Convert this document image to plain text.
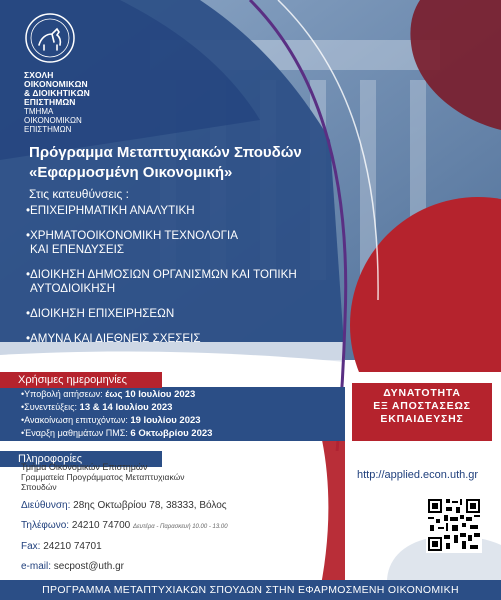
ΣΧΟΛΗ
ΟΙΚΟΝΟΜΙΚΩΝ
& ΔΙΟΙΚΗΤΙΚΩΝ
ΕΠΙΣΤΗΜΩΝ
ΤΜΗΜΑ
ΟΙΚΟΝΟΜΙΚΩΝ
ΕΠΙΣΤΗΜΩΝ
Πρόγραμμα Μεταπτυχιακών Σπουδών
«Εφαρμοσμένη Οικονομική»
Στις κατευθύνσεις :
•ΕΠΙΧΕΙΡΗΜΑΤΙΚΗ ΑΝΑΛΥΤΙΚΗ
•ΧΡΗΜΑΤΟΟΙΚΟΝΟΜΙΚΗ ΤΕΧΝΟΛΟΓΙΑ
ΚΑΙ ΕΠΕΝΔΥΣΕΙΣ
•ΔΙΟΙΚΗΣΗ ΔΗΜΟΣΙΩΝ ΟΡΓΑΝΙΣΜΩΝ ΚΑΙ ΤΟΠΙΚΗ
ΑΥΤΟΔΙΟΙΚΗΣΗ
•ΔΙΟΙΚΗΣΗ ΕΠΙΧΕΙΡΗΣΕΩΝ
•ΑΜΥΝΑ ΚΑΙ ΔΙΕΘΝΕΙΣ ΣΧΕΣΕΙΣ
Χρήσιμες ημερομηνίες
•Υποβολή αιτήσεων: έως 10 Ιουλίου 2023
•Συνεντεύξεις: 13 & 14 Ιουλίου 2023
•Ανακοίνωση επιτυχόντων: 19 Ιουλίου 2023
•Έναρξη μαθημάτων ΠΜΣ: 6 Οκτωβρίου 2023
Πληροφορίες
Τμήμα Οικονομικών Επιστημών
Γραμματεία Προγράμματος Μεταπτυχιακών
Σπουδών
Διεύθυνση: 28ης Οκτωβρίου 78, 38333, Βόλος
Τηλέφωνο: 24210 74700 Δευτέρα - Παρασκευή 10.00 - 13.00
Fax: 24210 74701
e-mail: secpost@uth.gr
ΔΥΝΑΤΟΤΗΤΑ
ΕΞ ΑΠΟΣΤΑΣΕΩΣ
ΕΚΠΑΙΔΕΥΣΗΣ
http://applied.econ.uth.gr
ΠΡΟΓΡΑΜΜΑ ΜΕΤΑΠΤΥΧΙΑΚΩΝ ΣΠΟΥΔΩΝ ΣΤΗΝ ΕΦΑΡΜΟΣΜΕΝΗ ΟΙΚΟΝΟΜΙΚΗ
